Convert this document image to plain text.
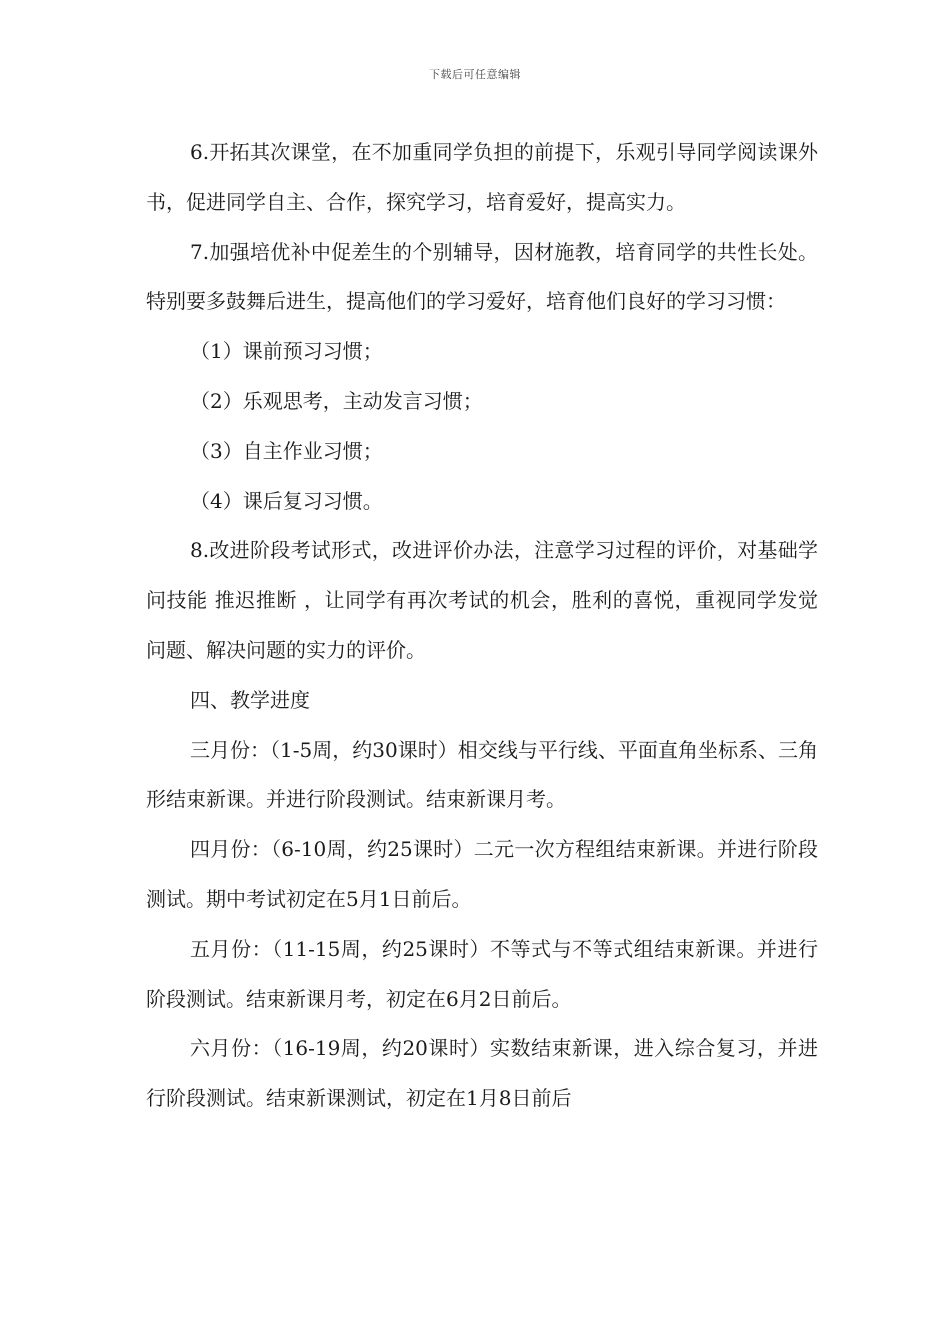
下载后可任意编辑

6.开拓其次课堂，在不加重同学负担的前提下，乐观引导同学阅读课外书，促进同学自主、合作，探究学习，培育爱好，提高实力。

7.加强培优补中促差生的个别辅导，因材施教，培育同学的共性长处。特别要多鼓舞后进生，提高他们的学习爱好，培育他们良好的学习习惯：

（1）课前预习习惯；

（2）乐观思考，主动发言习惯；

（3）自主作业习惯；

（4）课后复习习惯。

8.改进阶段考试形式，改进评价办法，注意学习过程的评价，对基础学问技能 推迟推断 ，让同学有再次考试的机会，胜利的喜悦，重视同学发觉问题、解决问题的实力的评价。

四、教学进度

三月份：（1-5周，约30课时）相交线与平行线、平面直角坐标系、三角形结束新课。并进行阶段测试。结束新课月考。

四月份：（6-10周，约25课时）二元一次方程组结束新课。并进行阶段测试。期中考试初定在5月1日前后。

五月份：（11-15周，约25课时）不等式与不等式组结束新课。并进行阶段测试。结束新课月考，初定在6月2日前后。

六月份：（16-19周，约20课时）实数结束新课，进入综合复习，并进行阶段测试。结束新课测试，初定在1月8日前后
